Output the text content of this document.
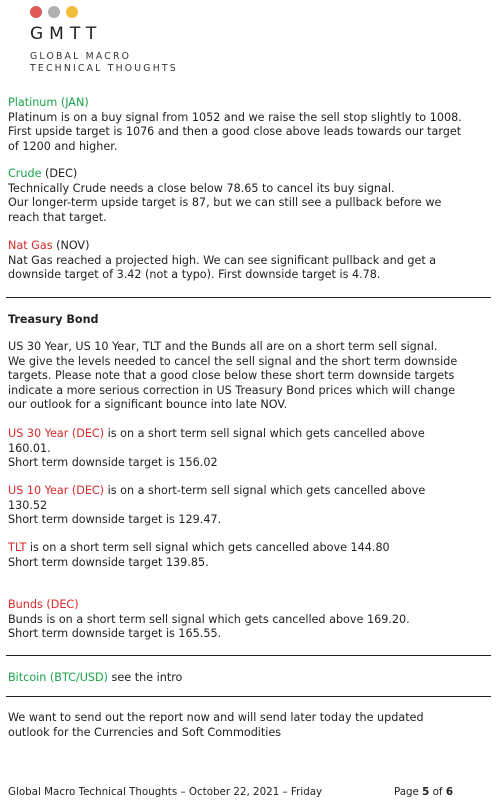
GMTT
GLOBAL MACRO
TECHNICAL THOUGHTS
Platinum (JAN)
Platinum is on a buy signal from 1052 and we raise the sell stop slightly to 1008.
First upside target is 1076 and then a good close above leads towards our target
of 1200 and higher.
Crude (DEC)
Technically Crude needs a close below 78.65 to cancel its buy signal.
Our longer-term upside target is 87, but we can still see a pullback before we
reach that target.
Nat Gas (NOV)
Nat Gas reached a projected high. We can see significant pullback and get a
downside target of 3.42 (not a typo). First downside target is 4.78.
Treasury Bond
US 30 Year, US 10 Year, TLT and the Bunds all are on a short term sell signal.
We give the levels needed to cancel the sell signal and the short term downside
targets. Please note that a good close below these short term downside targets
indicate a more serious correction in US Treasury Bond prices which will change
our outlook for a significant bounce into late NOV.
US 30 Year (DEC) is on a short term sell signal which gets cancelled above
160.01.
Short term downside target is 156.02
US 10 Year (DEC) is on a short-term sell signal which gets cancelled above
130.52
Short term downside target is 129.47.
TLT is on a short term sell signal which gets cancelled above 144.80
Short term downside target 139.85.
Bunds (DEC)
Bunds is on a short term sell signal which gets cancelled above 169.20.
Short term downside target is 165.55.
Bitcoin (BTC/USD) see the intro
We want to send out the report now and will send later today the updated
outlook for the Currencies and Soft Commodities
Global Macro Technical Thoughts – October 22, 2021 – Friday	Page 5 of 6
